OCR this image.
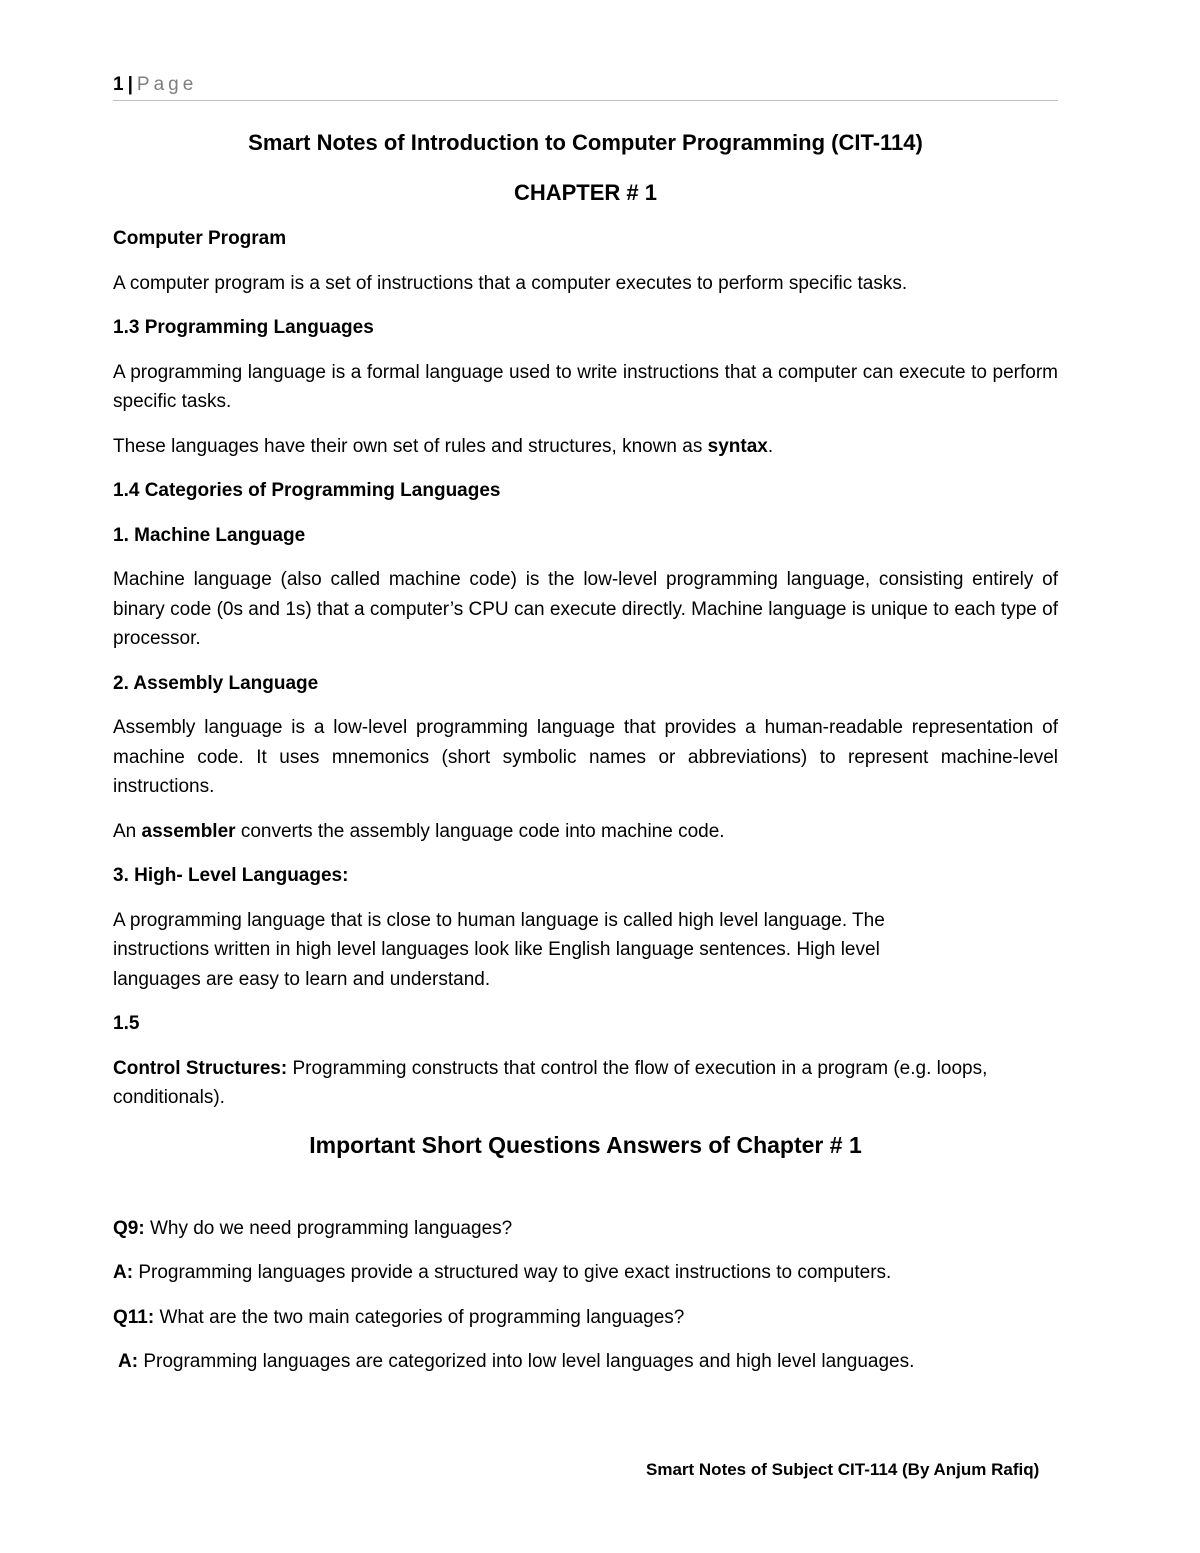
1 | Page

Smart Notes of Introduction to Computer Programming (CIT-114)

CHAPTER # 1

Computer Program

A computer program is a set of instructions that a computer executes to perform specific tasks.

1.3 Programming Languages

A programming language is a formal language used to write instructions that a computer can execute to perform specific tasks.

These languages have their own set of rules and structures, known as syntax.

1.4 Categories of Programming Languages

1. Machine Language

Machine language (also called machine code) is the low-level programming language, consisting entirely of binary code (0s and 1s) that a computer’s CPU can execute directly. Machine language is unique to each type of processor.

2. Assembly Language

Assembly language is a low-level programming language that provides a human-readable representation of machine code. It uses mnemonics (short symbolic names or abbreviations) to represent machine-level instructions.

An assembler converts the assembly language code into machine code.

3. High- Level Languages:

A programming language that is close to human language is called high level language. The
instructions written in high level languages look like English language sentences. High level
languages are easy to learn and understand.

1.5

Control Structures: Programming constructs that control the flow of execution in a program (e.g. loops, conditionals).

Important Short Questions Answers of Chapter # 1

Q9: Why do we need programming languages?

A: Programming languages provide a structured way to give exact instructions to computers.

Q11: What are the two main categories of programming languages?

A: Programming languages are categorized into low level languages and high level languages.

Smart Notes of Subject CIT-114 (By Anjum Rafiq)
